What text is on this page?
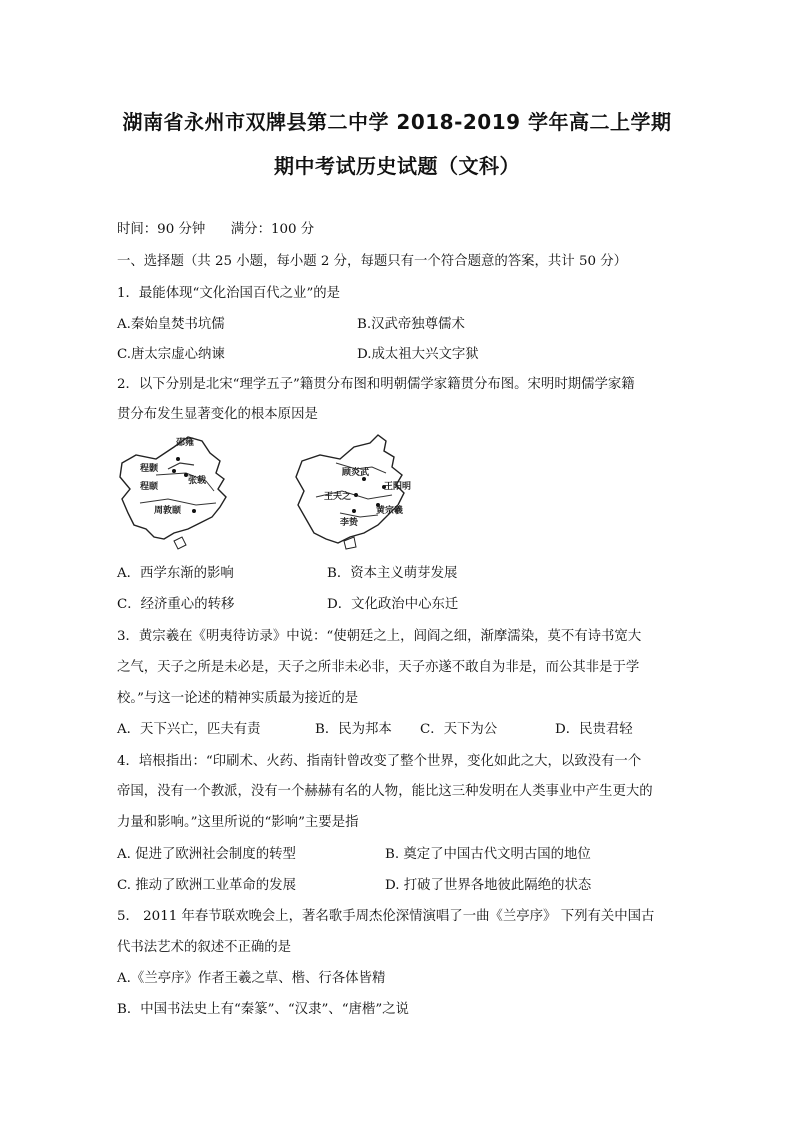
湖南省永州市双牌县第二中学 2018-2019 学年高二上学期
期中考试历史试题（文科）
时间：90 分钟      满分：100 分
一、选择题（共 25 小题，每小题 2 分，每题只有一个符合题意的答案，共计 50 分）
1．最能体现“文化治国百代之业”的是
A.秦始皇焚书坑儒	B.汉武帝独尊儒术
C.唐太宗虚心纳谏	D.成太祖大兴文字狱
2．以下分别是北宋“理学五子”籍贯分布图和明朝儒学家籍贯分布图。宋明时期儒学家籍
贯分布发生显著变化的根本原因是
邵雍
程颢
张载
程颐
周敦颐
顾炎武
王阳明
王夫之
黄宗羲
李贽
A．西学东渐的影响	B．资本主义萌芽发展
C．经济重心的转移	D．文化政治中心东迁
3．黄宗羲在《明夷待访录》中说：“使朝廷之上，闾阎之细，渐摩濡染，莫不有诗书宽大
之气，天子之所是未必是，天子之所非未必非，天子亦遂不敢自为非是，而公其非是于学
校。”与这一论述的精神实质最为接近的是
A．天下兴亡，匹夫有责	B．民为邦本 C．天下为公	D．民贵君轻
4．培根指出：“印刷术、火药、指南针曾改变了整个世界，变化如此之大，以致没有一个
帝国，没有一个教派，没有一个赫赫有名的人物，能比这三种发明在人类事业中产生更大的
力量和影响。”这里所说的“影响”主要是指
A. 促进了欧洲社会制度的转型	B. 奠定了中国古代文明古国的地位
C. 推动了欧洲工业革命的发展	D. 打破了世界各地彼此隔绝的状态
5． 2011 年春节联欢晚会上，著名歌手周杰伦深情演唱了一曲《兰亭序》 下列有关中国古
代书法艺术的叙述不正确的是
A.《兰亭序》作者王羲之草、楷、行各体皆精
B．中国书法史上有“秦篆”、“汉隶”、“唐楷”之说
